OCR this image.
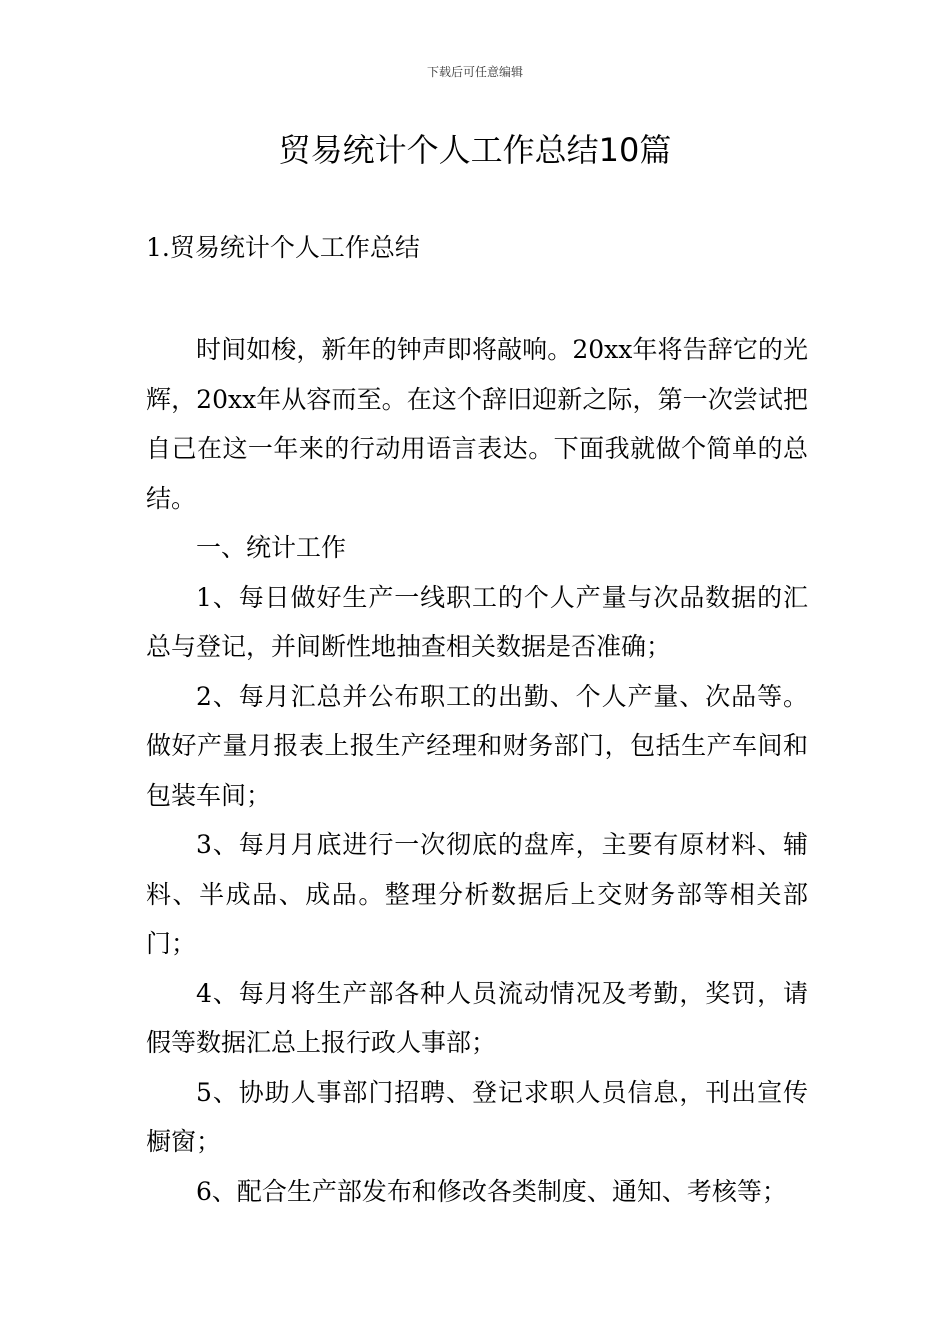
下载后可任意编辑
贸易统计个人工作总结10篇
1.贸易统计个人工作总结

时间如梭，新年的钟声即将敲响。20xx年将告辞它的光辉，20xx年从容而至。在这个辞旧迎新之际，第一次尝试把自己在这一年来的行动用语言表达。下面我就做个简单的总结。

一、统计工作

1、每日做好生产一线职工的个人产量与次品数据的汇总与登记，并间断性地抽查相关数据是否准确；

2、每月汇总并公布职工的出勤、个人产量、次品等。做好产量月报表上报生产经理和财务部门，包括生产车间和包装车间；

3、每月月底进行一次彻底的盘库，主要有原材料、辅料、半成品、成品。整理分析数据后上交财务部等相关部门；

4、每月将生产部各种人员流动情况及考勤，奖罚，请假等数据汇总上报行政人事部；

5、协助人事部门招聘、登记求职人员信息，刊出宣传橱窗；

6、配合生产部发布和修改各类制度、通知、考核等；
